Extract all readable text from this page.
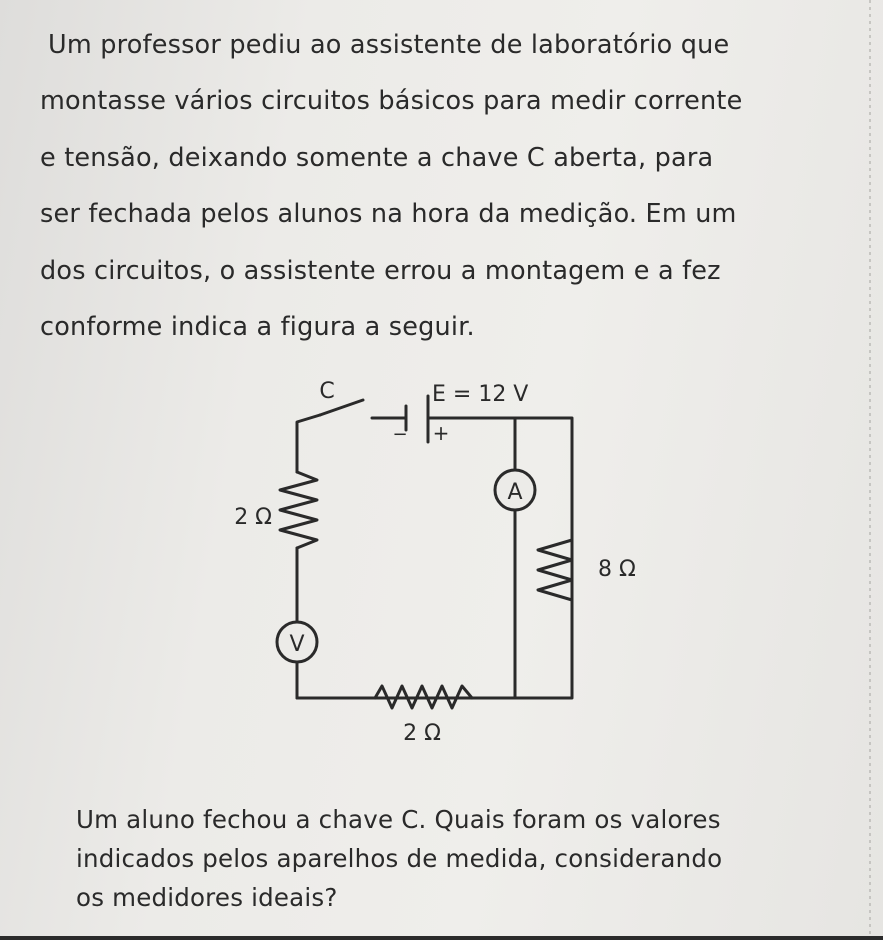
Um professor pediu ao assistente de laboratório que
montasse vários circuitos básicos para medir corrente
e tensão, deixando somente a chave C aberta, para
ser fechada pelos alunos na hora da medição. Em um
dos circuitos, o assistente errou a montagem e a fez
conforme indica a figura a seguir.
A
V
C	E = 12 V
− +
2 Ω
8 Ω
2 Ω
Um aluno fechou a chave C. Quais foram os valores
indicados pelos aparelhos de medida, considerando
os medidores ideais?
